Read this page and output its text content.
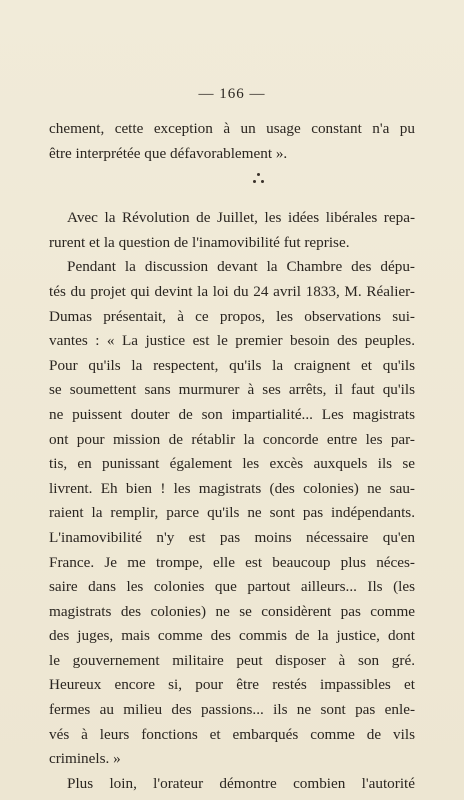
— 166 —
chement, cette exception à un usage constant n'a pu
être interprétée que défavorablement ».
Avec la Révolution de Juillet, les idées libérales repa-
rurent et la question de l'inamovibilité fut reprise.
Pendant la discussion devant la Chambre des dépu-
tés du projet qui devint la loi du 24 avril 1833, M. Réalier-
Dumas présentait, à ce propos, les observations sui-
vantes : « La justice est le premier besoin des peuples.
Pour qu'ils la respectent, qu'ils la craignent et qu'ils
se soumettent sans murmurer à ses arrêts, il faut qu'ils
ne puissent douter de son impartialité... Les magistrats
ont pour mission de rétablir la concorde entre les par-
tis, en punissant également les excès auxquels ils se
livrent. Eh bien ! les magistrats (des colonies) ne sau-
raient la remplir, parce qu'ils ne sont pas indépendants.
L'inamovibilité n'y est pas moins nécessaire qu'en
France. Je me trompe, elle est beaucoup plus néces-
saire dans les colonies que partout ailleurs... Ils (les
magistrats des colonies) ne se considèrent pas comme
des juges, mais comme des commis de la justice, dont
le gouvernement militaire peut disposer à son gré.
Heureux encore si, pour être restés impassibles et
fermes au milieu des passions... ils ne sont pas enle-
vés à leurs fonctions et embarqués comme de vils
criminels. »
Plus loin, l'orateur démontre combien l'autorité
